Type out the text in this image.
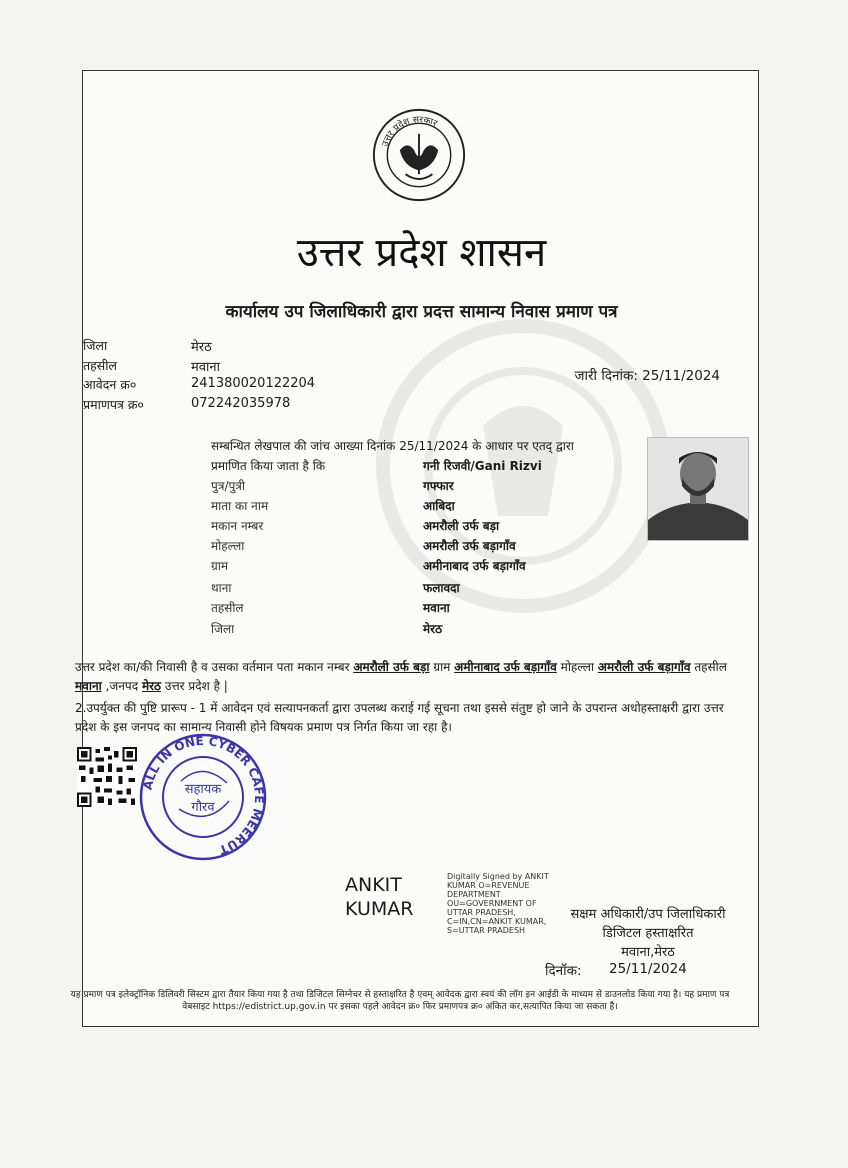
उत्तर प्रदेश सरकार
उत्तर प्रदेश शासन
कार्यालय उप जिलाधिकारी द्वारा प्रदत्त सामान्य निवास प्रमाण पत्र
जिला	मेरठ
तहसील	मवाना
आवेदन क्र०	241380020122204
प्रमाणपत्र क्र०	072242035978
जारी दिनांक: 25/11/2024
सम्बन्धित लेखपाल की जांच आख्या दिनांक 25/11/2024 के आधार पर एतद् द्वारा
प्रमाणित किया जाता है कि	गनी रिजवी/Gani Rizvi
पुत्र/पुत्री	गफ्फार
माता का नाम	आबिदा
मकान नम्बर	अमरौली उर्फ बड़ा
मोहल्ला	अमरौली उर्फ बड़ागाँव
ग्राम	अमीनाबाद उर्फ बड़ागाँव
थाना	फलावदा
तहसील	मवाना
जिला	मेरठ
उत्तर प्रदेश का/की निवासी है व उसका वर्तमान पता मकान नम्बर अमरौली उर्फ बड़ा ग्राम अमीनाबाद उर्फ बड़ागाँव मोहल्ला अमरौली उर्फ बड़ागाँव तहसील मवाना ,जनपद मेरठ उत्तर प्रदेश है |
2.उपर्युक्त की पुष्टि प्रारूप - 1 में आवेदन एवं सत्यापनकर्ता द्वारा उपलब्ध कराई गई सूचना तथा इससे संतुष्ट हो जाने के उपरान्त अधोहस्ताक्षरी द्वारा उत्तर प्रदेश के इस जनपद का सामान्य निवासी होने विषयक प्रमाण पत्र निर्गत किया जा रहा है।
ALL IN ONE CYBER CAFE MEERUT
सहायक
गौरव
ANKIT KUMAR
Digitally Signed by ANKIT KUMAR O=REVENUE DEPARTMENT OU=GOVERNMENT OF UTTAR PRADESH, C=IN,CN=ANKIT KUMAR, S=UTTAR PRADESH
सक्षम अधिकारी/उप जिलाधिकारी
डिजिटल हस्ताक्षरित
मवाना,मेरठ
दिनॉक: 25/11/2024
यह प्रमाण पत्र इलेक्ट्रॉनिक डिलिवरी सिस्टम द्वारा तैयार किया गया है तथा डिजिटल सिग्नेचर से हस्ताक्षरित है एवम् आवेदक द्वारा स्वयं की लॉग इन आईडी के माध्यम से डाउनलोड किया गया है। यह प्रमाण पत्र वेबसाइट https://edistrict.up.gov.in पर इसका पहले आवेदन क्र० फिर प्रमाणपत्र क्र० अंकित कर,सत्यापित किया जा सकता है।
